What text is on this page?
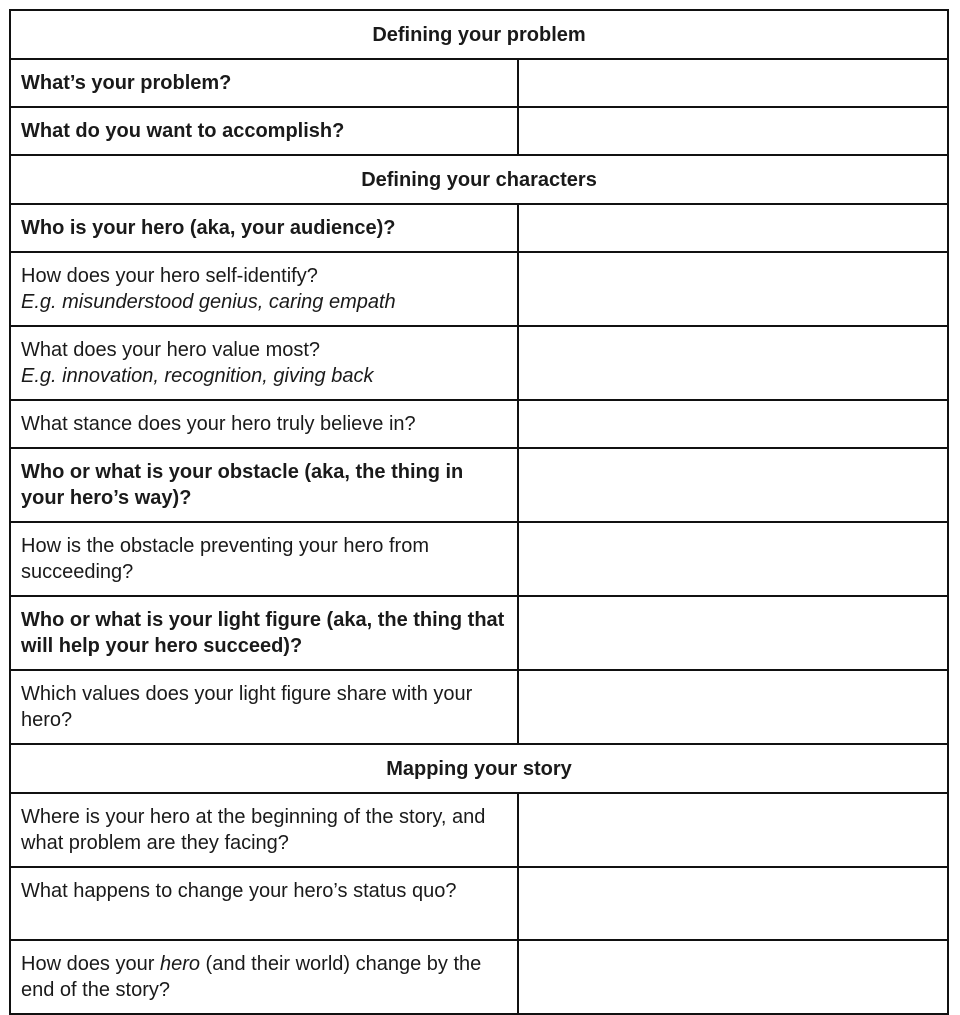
Defining your problem	
What’s your problem?	
What do you want to accomplish?	
Defining your characters	
Who is your hero (aka, your audience)?	
How does your hero self-identify?
E.g. misunderstood genius, caring empath	

What does your hero value most?
E.g. innovation, recognition, giving back	

What stance does your hero truly believe in?	
Who or what is your obstacle (aka, the thing in your hero’s way)?	
How is the obstacle preventing your hero from succeeding?	
Who or what is your light figure (aka, the thing that will help your hero succeed)?	
Which values does your light figure share with your hero?	
Mapping your story	
Where is your hero at the beginning of the story, and what problem are they facing?	
What happens to change your hero’s status quo?	
How does your hero (and their world) change by the end of the story?	
